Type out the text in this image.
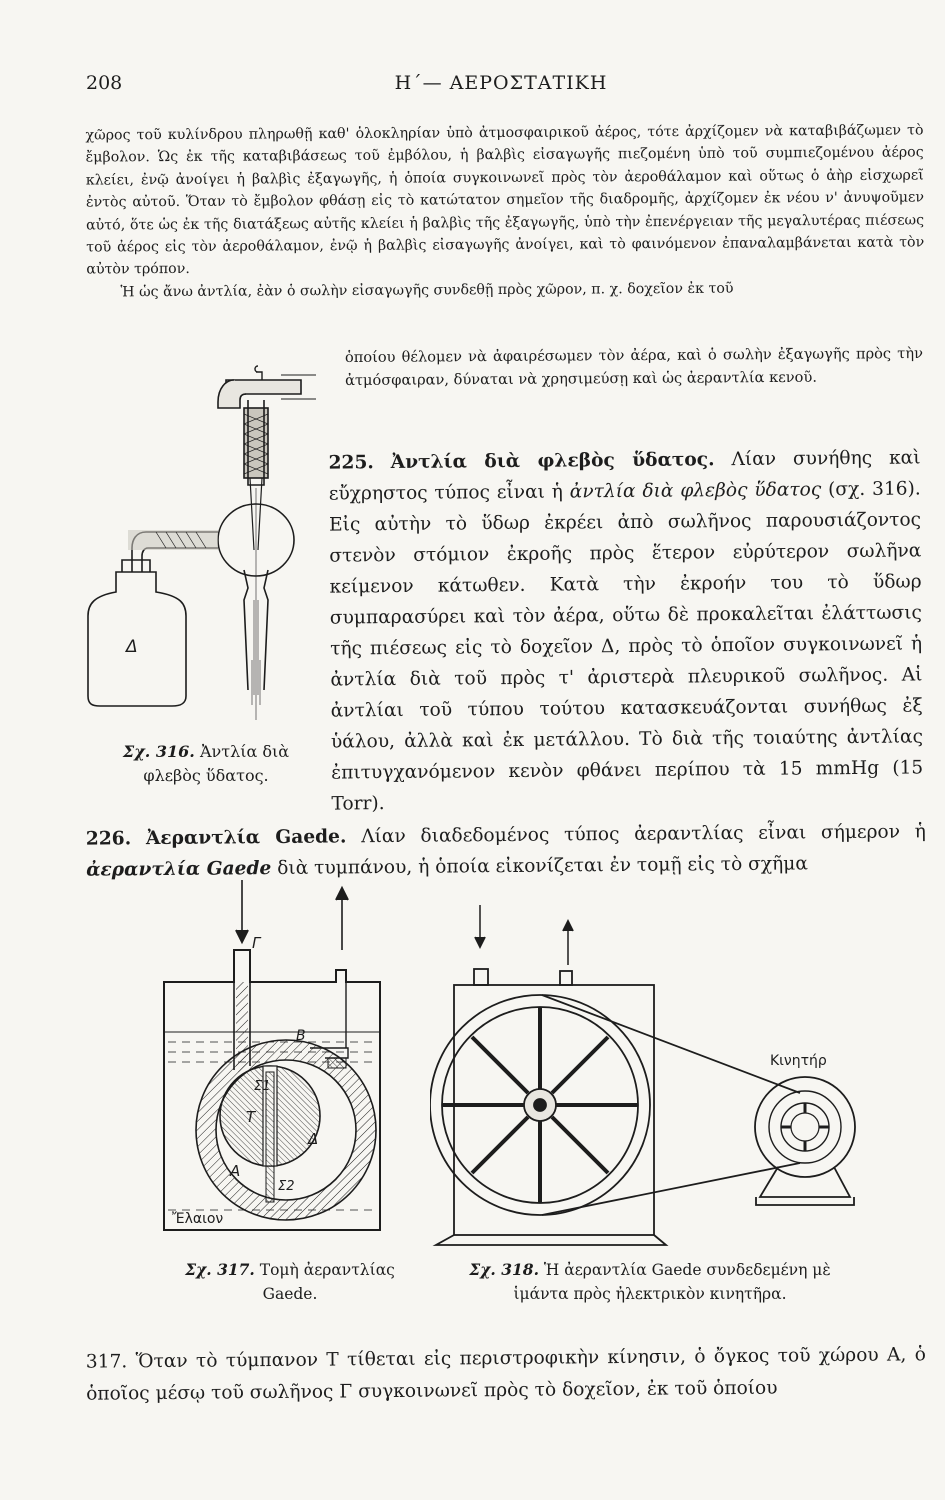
208	Η΄— ΑΕΡΟΣΤΑΤΙΚΗ

χῶρος τοῦ κυλίνδρου πληρωθῇ καθ' ὁλοκληρίαν ὑπὸ ἀτμοσφαιρικοῦ ἀέρος, τότε ἀρχίζομεν νὰ καταβιβάζωμεν τὸ ἔμβολον. Ὡς ἐκ τῆς καταβιβάσεως τοῦ ἐμβόλου, ἡ βαλβὶς εἰσαγωγῆς πιεζομένη ὑπὸ τοῦ συμπιεζομένου ἀέρος κλείει, ἐνῷ ἀνοίγει ἡ βαλβὶς ἐξαγωγῆς, ἡ ὁποία συγκοινωνεῖ πρὸς τὸν ἀεροθάλαμον καὶ οὕτως ὁ ἀὴρ εἰσχωρεῖ ἐντὸς αὐτοῦ. Ὅταν τὸ ἔμβολον φθάσῃ εἰς τὸ κατώτατον σημεῖον τῆς διαδρομῆς, ἀρχίζομεν ἐκ νέου ν' ἀνυψοῦμεν αὐτό, ὅτε ὡς ἐκ τῆς διατάξεως αὐτῆς κλείει ἡ βαλβὶς τῆς ἐξαγωγῆς, ὑπὸ τὴν ἐπενέργειαν τῆς μεγαλυτέρας πιέσεως τοῦ ἀέρος εἰς τὸν ἀεροθάλαμον, ἐνῷ ἡ βαλβὶς εἰσαγωγῆς ἀνοίγει, καὶ τὸ φαινόμενον ἐπαναλαμβάνεται κατὰ τὸν αὐτὸν τρόπον.

Ἡ ὡς ἄνω ἀντλία, ἐὰν ὁ σωλὴν εἰσαγωγῆς συνδεθῇ πρὸς χῶρον, π. χ. δοχεῖον ἐκ τοῦ

ὁποίου θέλομεν νὰ ἀφαιρέσωμεν τὸν ἀέρα, καὶ ὁ σωλὴν ἐξαγωγῆς πρὸς τὴν ἀτμόσφαιραν, δύναται νὰ χρησιμεύσῃ καὶ ὡς ἀεραντλία κενοῦ.

225. Ἀντλία διὰ φλεβὸς ὕδατος. Λίαν συνήθης καὶ εὔχρηστος τύπος εἶναι ἡ ἀντλία διὰ φλεβὸς ὕδατος (σχ. 316). Εἰς αὐτὴν τὸ ὕδωρ ἐκρέει ἀπὸ σωλῆνος παρουσιάζοντος στενὸν στόμιον ἐκροῆς πρὸς ἕτερον εὐρύτερον σωλῆνα κείμενον κάτωθεν. Κατὰ τὴν ἐκροήν του τὸ ὕδωρ συμπαρασύρει καὶ τὸν ἀέρα, οὕτω δὲ προκαλεῖται ἐλάττωσις τῆς πιέσεως εἰς τὸ δοχεῖον Δ, πρὸς τὸ ὁποῖον συγκοινωνεῖ ἡ ἀντλία διὰ τοῦ πρὸς τ' ἀριστερὰ πλευρικοῦ σωλῆνος. Αἱ ἀντλίαι τοῦ τύπου τούτου κατασκευάζονται συνήθως ἐξ ὑάλου, ἀλλὰ καὶ ἐκ μετάλλου. Τὸ διὰ τῆς τοιαύτης ἀντλίας ἐπιτυγχανόμενον κενὸν φθάνει περίπου τὰ 15 mmHg (15 Torr).

Δ
Σχ. 316. Ἀντλία διὰ φλεβὸς ὕδατος.

226. Ἀεραντλία Gaede. Λίαν διαδεδομένος τύπος ἀεραντλίας εἶναι σήμερον ἡ ἀεραντλία Gaede διὰ τυμπάνου, ἡ ὁποία εἰκονίζεται ἐν τομῇ εἰς τὸ σχῆμα

Γ
B
Σ1
Τ
Δ
Α
Σ2
Ἔλαιον
Κινητήρ
Σχ. 317. Τομὴ ἀεραντλίας Gaede.
Σχ. 318. Ἡ ἀεραντλία Gaede συνδεδεμένη μὲ ἱμάντα πρὸς ἠλεκτρικὸν κινητῆρα.

317. Ὅταν τὸ τύμπανον Τ τίθεται εἰς περιστροφικὴν κίνησιν, ὁ ὄγκος τοῦ χώρου Α, ὁ ὁποῖος μέσῳ τοῦ σωλῆνος Γ συγκοινωνεῖ πρὸς τὸ δοχεῖον, ἐκ τοῦ ὁποίου
